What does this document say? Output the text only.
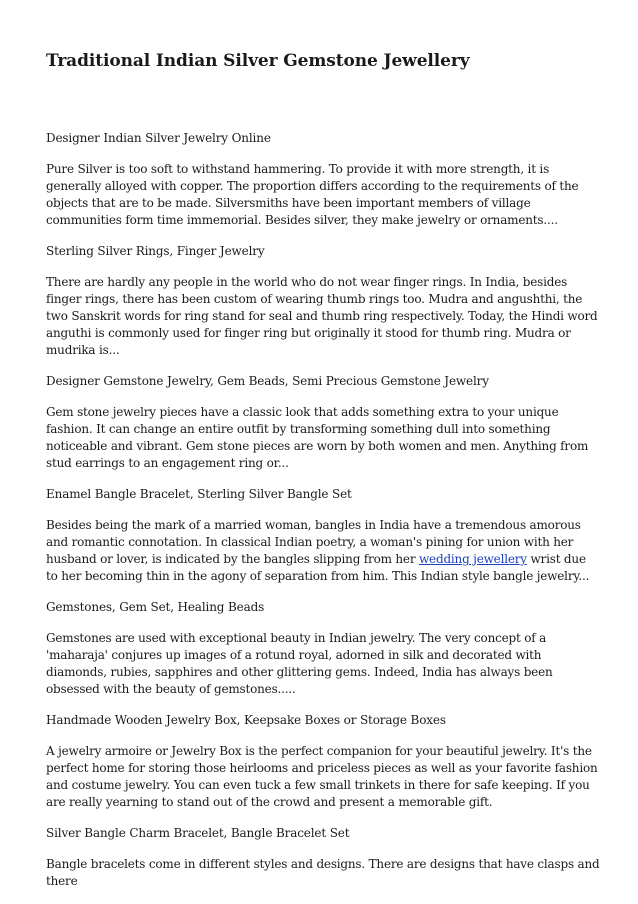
Traditional Indian Silver Gemstone Jewellery

Designer Indian Silver Jewelry Online

Pure Silver is too soft to withstand hammering. To provide it with more strength, it is generally alloyed with copper. The proportion differs according to the requirements of the objects that are to be made. Silversmiths have been important members of village communities form time immemorial. Besides silver, they make jewelry or ornaments....

Sterling Silver Rings, Finger Jewelry

There are hardly any people in the world who do not wear finger rings. In India, besides finger rings, there has been custom of wearing thumb rings too. Mudra and angushthi, the two Sanskrit words for ring stand for seal and thumb ring respectively. Today, the Hindi word anguthi is commonly used for finger ring but originally it stood for thumb ring. Mudra or mudrika is...

Designer Gemstone Jewelry, Gem Beads, Semi Precious Gemstone Jewelry

Gem stone jewelry pieces have a classic look that adds something extra to your unique fashion. It can change an entire outfit by transforming something dull into something noticeable and vibrant. Gem stone pieces are worn by both women and men. Anything from stud earrings to an engagement ring or...

Enamel Bangle Bracelet, Sterling Silver Bangle Set

Besides being the mark of a married woman, bangles in India have a tremendous amorous and romantic connotation. In classical Indian poetry, a woman's pining for union with her husband or lover, is indicated by the bangles slipping from her wedding jewellery wrist due to her becoming thin in the agony of separation from him. This Indian style bangle jewelry...

Gemstones, Gem Set, Healing Beads

Gemstones are used with exceptional beauty in Indian jewelry. The very concept of a 'maharaja' conjures up images of a rotund royal, adorned in silk and decorated with diamonds, rubies, sapphires and other glittering gems. Indeed, India has always been obsessed with the beauty of gemstones.....

Handmade Wooden Jewelry Box, Keepsake Boxes or Storage Boxes

A jewelry armoire or Jewelry Box is the perfect companion for your beautiful jewelry. It's the perfect home for storing those heirlooms and priceless pieces as well as your favorite fashion and costume jewelry. You can even tuck a few small trinkets in there for safe keeping. If you are really yearning to stand out of the crowd and present a memorable gift.

Silver Bangle Charm Bracelet, Bangle Bracelet Set

Bangle bracelets come in different styles and designs. There are designs that have clasps and there
